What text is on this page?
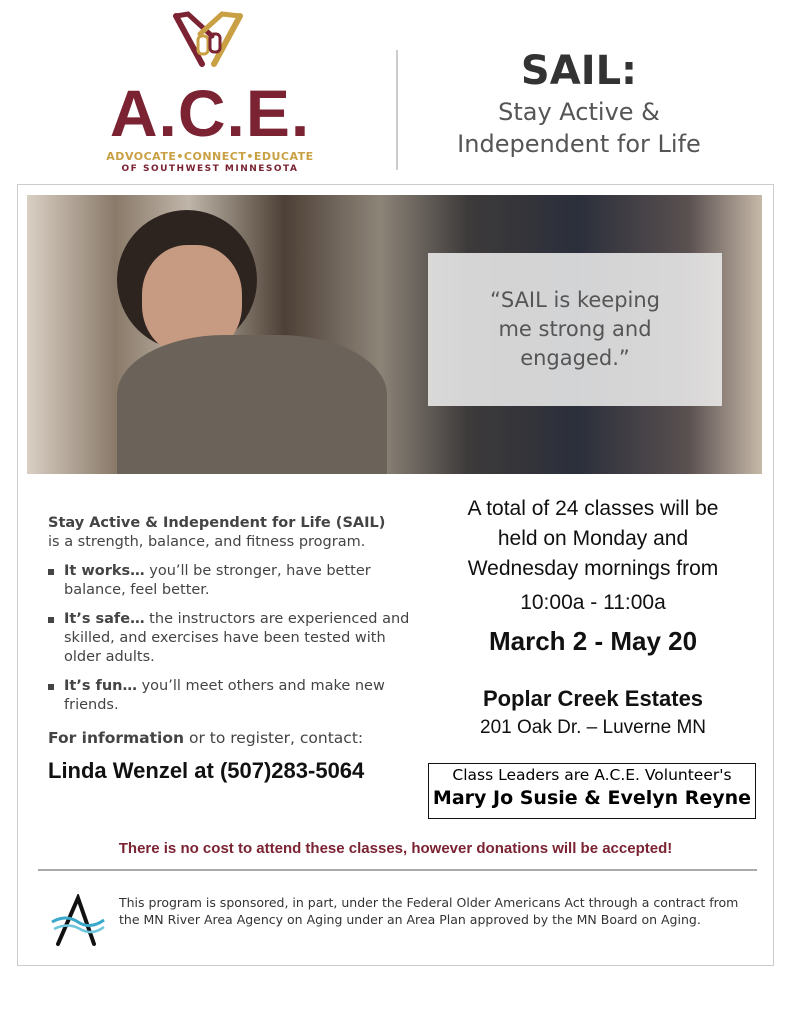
A.C.E.
ADVOCATE•CONNECT•EDUCATE
OF SOUTHWEST MINNESOTA
SAIL:
Stay Active &
Independent for Life
“SAIL is keeping
me strong and
engaged.”

Stay Active & Independent for Life (SAIL)
is a strength, balance, and fitness program.

It works… you’ll be stronger, have better balance, feel better.
It’s safe… the instructors are experienced and skilled, and exercises have been tested with older adults.
It’s fun… you’ll meet others and make new friends.

For information or to register, contact:

Linda Wenzel at (507)283-5064
A total of 24 classes will be
held on Monday and
Wednesday mornings from
10:00a - 11:00a
March 2 - May 20
Poplar Creek Estates
201 Oak Dr. – Luverne MN
Class Leaders are A.C.E. Volunteer's
Mary Jo Susie & Evelyn Reyne
There is no cost to attend these classes, however donations will be accepted!
This program is sponsored, in part, under the Federal Older Americans Act through a contract from the MN River Area Agency on Aging under an Area Plan approved by the MN Board on Aging.
